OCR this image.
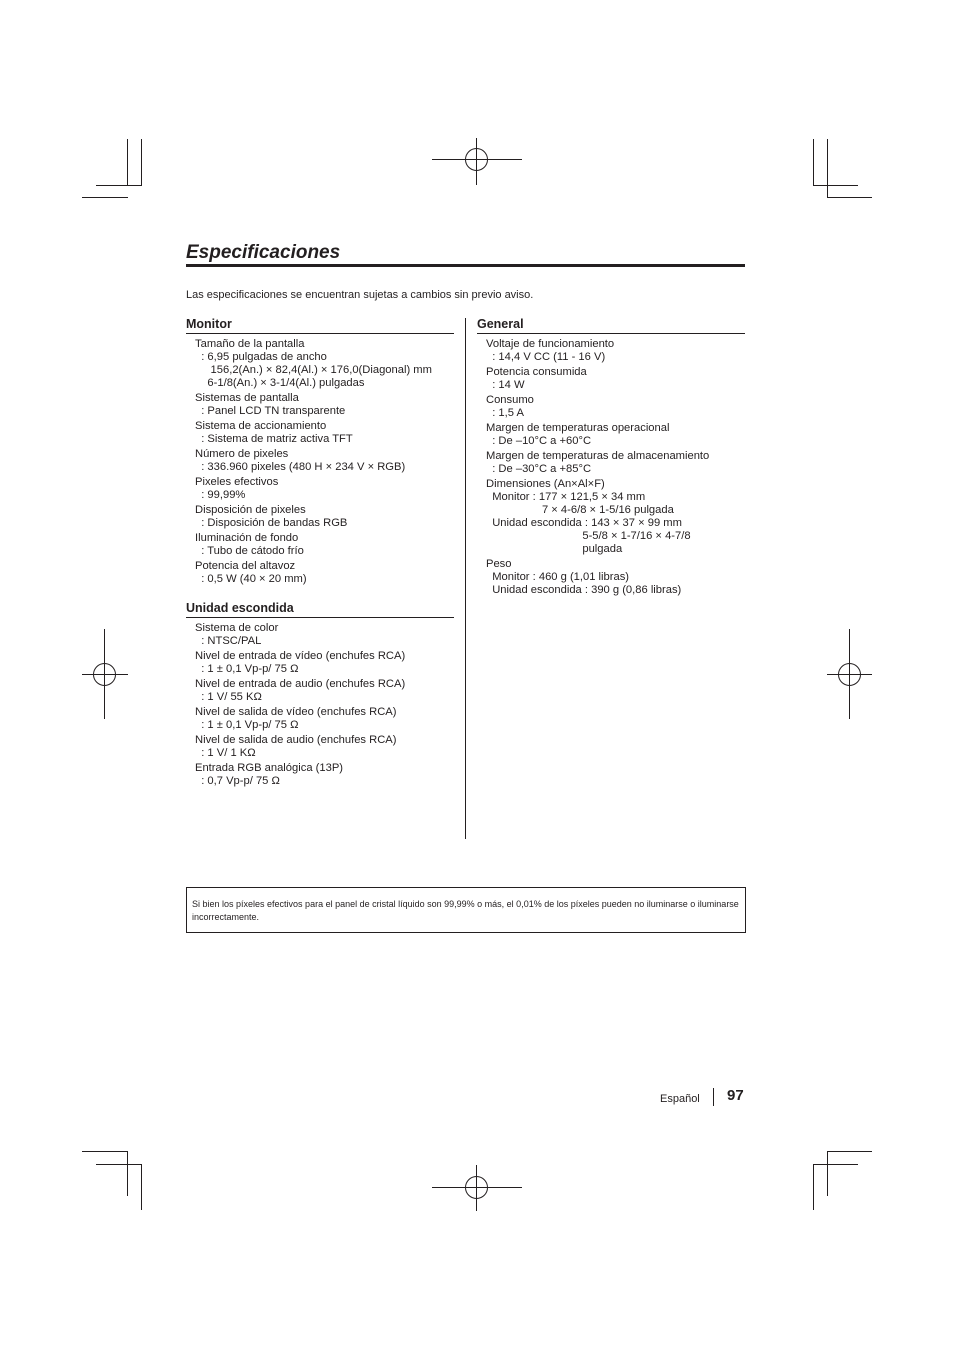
Especificaciones
Las especificaciones se encuentran sujetas a cambios sin previo aviso.
Monitor
Tamaño de la pantalla
: 6,95 pulgadas de ancho
156,2(An.) × 82,4(Al.) × 176,0(Diagonal) mm
6-1/8(An.) × 3-1/4(Al.) pulgadas
Sistemas de pantalla
: Panel LCD TN transparente
Sistema de accionamiento
: Sistema de matriz activa TFT
Número de pixeles
: 336.960 pixeles (480 H × 234 V × RGB)
Pixeles efectivos
: 99,99%
Disposición de pixeles
: Disposición de bandas RGB
Iluminación de fondo
: Tubo de cátodo frío
Potencia del altavoz
: 0,5 W (40 × 20 mm)
Unidad escondida
Sistema de color
: NTSC/PAL
Nivel de entrada de vídeo (enchufes RCA)
: 1 ± 0,1 Vp-p/ 75 Ω
Nivel de entrada de audio (enchufes RCA)
: 1 V/ 55 KΩ
Nivel de salida de vídeo (enchufes RCA)
: 1 ± 0,1 Vp-p/ 75 Ω
Nivel de salida de audio (enchufes RCA)
: 1 V/ 1 KΩ
Entrada RGB analógica (13P)
: 0,7 Vp-p/ 75 Ω
General
Voltaje de funcionamiento
: 14,4 V CC (11 - 16 V)
Potencia consumida
: 14 W
Consumo
: 1,5 A
Margen de temperaturas operacional
: De –10°C a +60°C
Margen de temperaturas de almacenamiento
: De –30°C a +85°C
Dimensiones (An×Al×F)
Monitor : 177 × 121,5 × 34 mm
7 × 4-6/8 × 1-5/16 pulgada
Unidad escondida : 143 × 37 × 99 mm
5-5/8 × 1-7/16 × 4-7/8
pulgada
Peso
Monitor : 460 g (1,01 libras)
Unidad escondida : 390 g (0,86 libras)
Si bien los píxeles efectivos para el panel de cristal líquido son 99,99% o más, el 0,01% de los píxeles pueden no iluminarse o iluminarse incorrectamente.
Español 97
